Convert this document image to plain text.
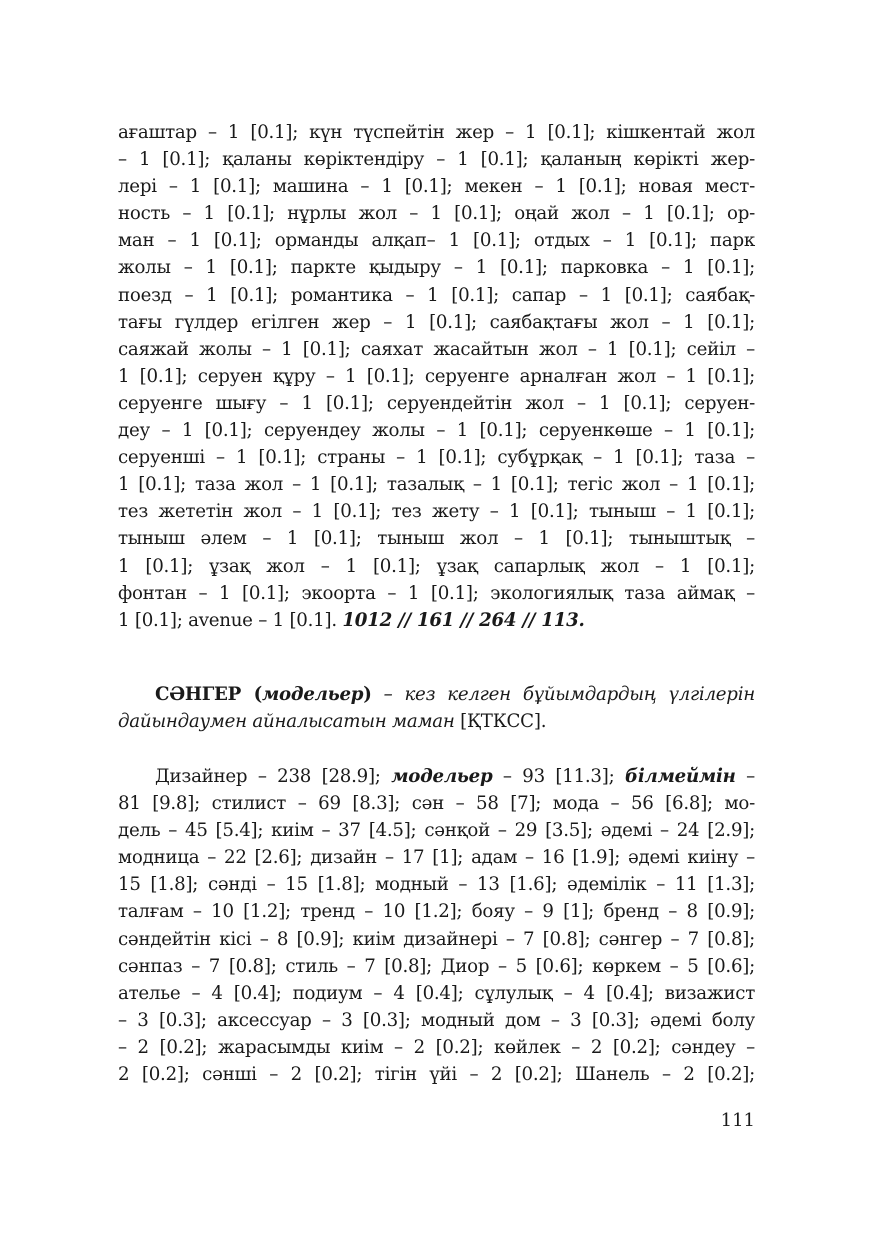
ағаштар – 1 [0.1]; күн түспейтін жер – 1 [0.1]; кішкентай жол
– 1 [0.1]; қаланы көріктендіру – 1 [0.1]; қаланың көрікті жер-
лері – 1 [0.1]; машина – 1 [0.1]; мекен – 1 [0.1]; новая мест-
ность – 1 [0.1]; нұрлы жол – 1 [0.1]; оңай жол – 1 [0.1]; ор-
ман – 1 [0.1]; орманды алқап– 1 [0.1]; отдых – 1 [0.1]; парк
жолы – 1 [0.1]; паркте қыдыру – 1 [0.1]; парковка – 1 [0.1];
поезд – 1 [0.1]; романтика – 1 [0.1]; сапар – 1 [0.1]; саябақ-
тағы гүлдер егілген жер – 1 [0.1]; саябақтағы жол – 1 [0.1];
саяжай жолы – 1 [0.1]; саяхат жасайтын жол – 1 [0.1]; сейіл –
1 [0.1]; серуен құру – 1 [0.1]; серуенге арналған жол – 1 [0.1];
серуенге шығу – 1 [0.1]; серуендейтін жол – 1 [0.1]; серуен-
деу – 1 [0.1]; серуендеу жолы – 1 [0.1]; серуенкөше – 1 [0.1];
серуенші – 1 [0.1]; страны – 1 [0.1]; субұрқақ – 1 [0.1]; таза –
1 [0.1]; таза жол – 1 [0.1]; тазалық – 1 [0.1]; тегіс жол – 1 [0.1];
тез жететін жол – 1 [0.1]; тез жету – 1 [0.1]; тыныш – 1 [0.1];
тыныш әлем – 1 [0.1]; тыныш жол – 1 [0.1]; тыныштық –
1 [0.1]; ұзақ жол – 1 [0.1]; ұзақ сапарлық жол – 1 [0.1];
фонтан – 1 [0.1]; экоорта – 1 [0.1]; экологиялық таза аймақ –
1 [0.1]; avenue – 1 [0.1]. 1012 // 161 // 264 // 113.
СӘНГЕР (модельер) – кез келген бұйымдардың үлгілерін
дайындаумен айналысатын маман [ҚТКСС].
Дизайнер – 238 [28.9]; модельер – 93 [11.3]; білмеймін –
81 [9.8]; стилист – 69 [8.3]; сән – 58 [7]; мода – 56 [6.8]; мо-
дель – 45 [5.4]; киім – 37 [4.5]; сәнқой – 29 [3.5]; әдемі – 24 [2.9];
модница – 22 [2.6]; дизайн – 17 [1]; адам – 16 [1.9]; әдемі киіну –
15 [1.8]; сәнді – 15 [1.8]; модный – 13 [1.6]; әдемілік – 11 [1.3];
талғам – 10 [1.2]; тренд – 10 [1.2]; бояу – 9 [1]; бренд – 8 [0.9];
сәндейтін кісі – 8 [0.9]; киім дизайнері – 7 [0.8]; сәнгер – 7 [0.8];
сәнпаз – 7 [0.8]; стиль – 7 [0.8]; Диор – 5 [0.6]; көркем – 5 [0.6];
ателье – 4 [0.4]; подиум – 4 [0.4]; сұлулық – 4 [0.4]; визажист
– 3 [0.3]; аксессуар – 3 [0.3]; модный дом – 3 [0.3]; әдемі болу
– 2 [0.2]; жарасымды киім – 2 [0.2]; көйлек – 2 [0.2]; сәндеу –
2 [0.2]; сәнші – 2 [0.2]; тігін үйі – 2 [0.2]; Шанель – 2 [0.2];
111
